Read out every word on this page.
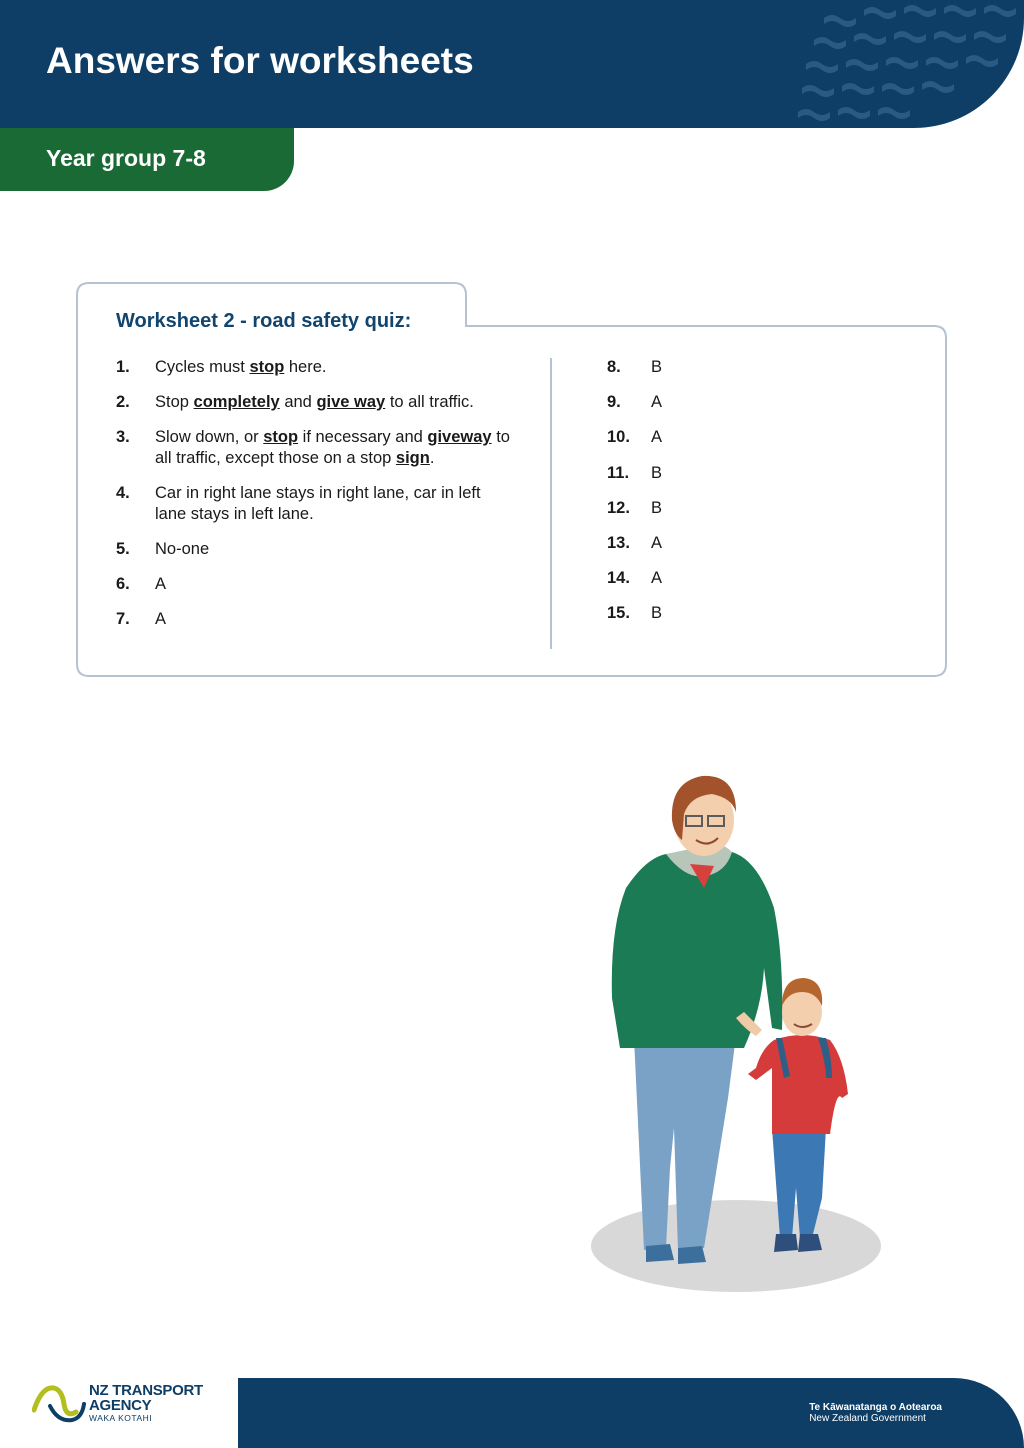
Answers for worksheets
Year group 7-8
Worksheet 2 - road safety quiz:
1. Cycles must stop here.
2. Stop completely and give way to all traffic.
3. Slow down, or stop if necessary and giveway to all traffic, except those on a stop sign.
4. Car in right lane stays in right lane, car in left lane stays in left lane.
5. No-one
6. A
7. A
8. B
9. A
10. A
11. B
12. B
13. A
14. A
15. B
Te Kāwanatanga o Aotearoa
New Zealand Government
NZ TRANSPORT
AGENCY
WAKA KOTAHI
